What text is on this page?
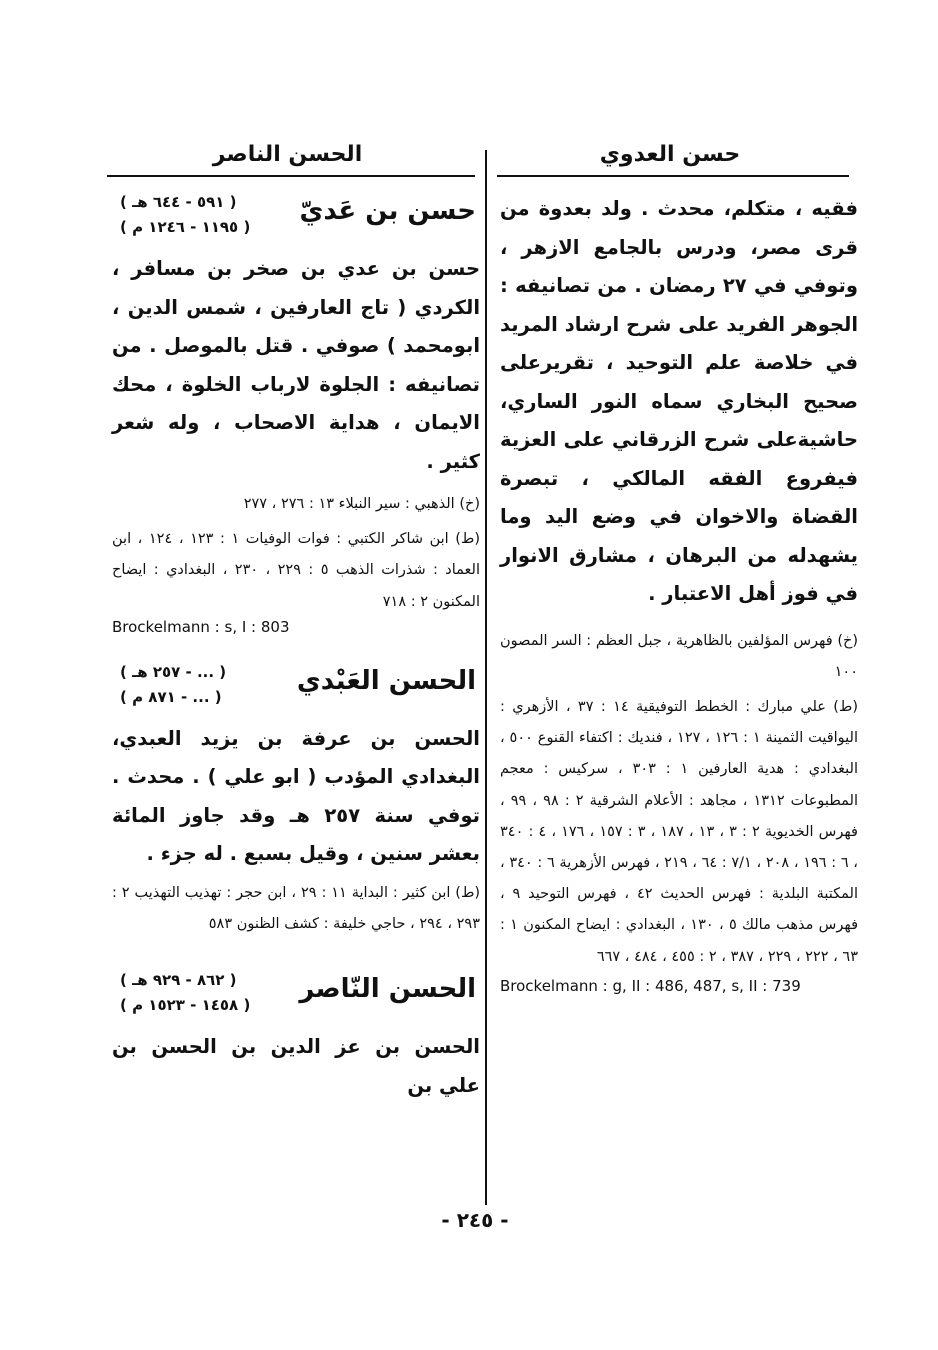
حسن العدوي
الحسن الناصر

فقيه ، متكلم، محدث . ولد بعدوة من قرى مصر، ودرس بالجامع الازهر ، وتوفي في ٢٧ رمضان . من تصانيفه : الجوهر الفريد على شرح ارشاد المريد في خلاصة علم التوحيد ، تقريرعلى صحيح البخاري سماه النور الساري، حاشيةعلى شرح الزرقاني على العزية فيفروع الفقه المالكي ، تبصرة القضاة والاخوان في وضع اليد وما يشهدله من البرهان ، مشارق الانوار في فوز أهل الاعتبار .

(خ) فهرس المؤلفين بالظاهرية ، جبل العظم : السر المصون ١٠٠

(ط) علي مبارك : الخطط التوفيقية ١٤ : ٣٧ ، الأزهري : اليواقيت الثمينة ١ : ١٢٦ ، ١٢٧ ، فنديك : اكتفاء القنوع ٥٠٠ ، البغدادي : هدية العارفين ١ : ٣٠٣ ، سركيس : معجم المطبوعات ١٣١٢ ، مجاهد : الأعلام الشرقية ٢ : ٩٨ ، ٩٩ ، فهرس الخديوية ٢ : ٣ ، ١٣ ، ١٨٧ ، ٣ : ١٥٧ ، ١٧٦ ، ٤ : ٣٤٠ ، ٦ : ١٩٦ ، ٢٠٨ ، ٧/١ : ٦٤ ، ٢١٩ ، فهرس الأزهرية ٦ : ٣٤٠ ، المكتبة البلدية : فهرس الحديث ٤٢ ، فهرس التوحيد ٩ ، فهرس مذهب مالك ٥ ، ١٣٠ ، البغدادي : ايضاح المكنون ١ : ٦٣ ، ٢٢٢ ، ٢٢٩ ، ٣٨٧ ، ٢ : ٤٥٥ ، ٤٨٤ ، ٦٦٧

Brockelmann : g, II : 486, 487, s, II : 739

حسن بن عَديّ
( ٥٩١ - ٦٤٤ هـ )
( ١١٩٥ - ١٢٤٦ م )

حسن بن عدي بن صخر بن مسافر ، الكردي ( تاج العارفين ، شمس الدين ، ابومحمد ) صوفي . قتل بالموصل . من تصانيفه : الجلوة لارباب الخلوة ، محك الايمان ، هداية الاصحاب ، وله شعر كثير .

(خ) الذهبي : سير النبلاء ١٣ : ٢٧٦ ، ٢٧٧

(ط) ابن شاكر الكتبي : فوات الوفيات ١ : ١٢٣ ، ١٢٤ ، ابن العماد : شذرات الذهب ٥ : ٢٢٩ ، ٢٣٠ ، البغدادي : ايضاح المكنون ٢ : ٧١٨

Brockelmann : s, I : 803

الحسن العَبْدي
( ... - ٢٥٧ هـ )
( ... - ٨٧١ م )

الحسن بن عرفة بن يزيد العبدي، البغدادي المؤدب ( ابو علي ) . محدث . توفي سنة ٢٥٧ هـ وقد جاوز المائة بعشر سنين ، وقيل بسبع . له جزء .

(ط) ابن كثير : البداية ١١ : ٢٩ ، ابن حجر : تهذيب التهذيب ٢ : ٢٩٣ ، ٢٩٤ ، حاجي خليفة : كشف الظنون ٥٨٣

الحسن النّاصر
( ٨٦٢ - ٩٢٩ هـ )
( ١٤٥٨ - ١٥٢٣ م )

الحسن بن عز الدين بن الحسن بن علي بن

- ٢٤٥ -
